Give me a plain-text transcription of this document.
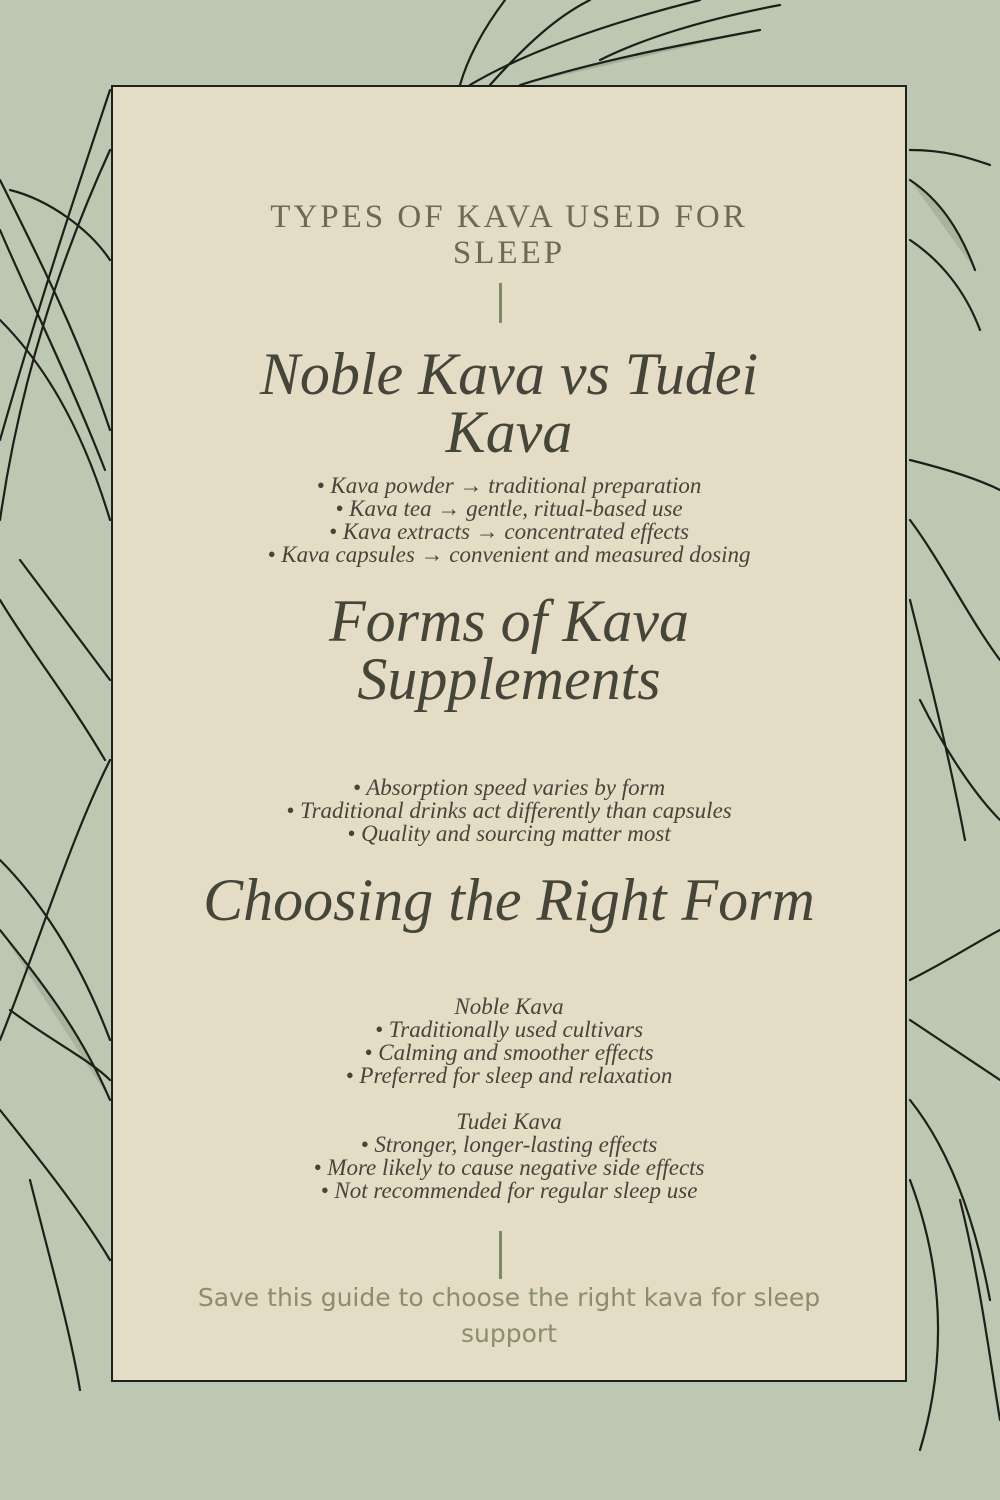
TYPES OF KAVA USED FOR SLEEP
Noble Kava vs Tudei Kava
• Kava powder → traditional preparation
• Kava tea → gentle, ritual-based use
• Kava extracts → concentrated effects
• Kava capsules → convenient and measured dosing
Forms of Kava Supplements
• Absorption speed varies by form
• Traditional drinks act differently than capsules
• Quality and sourcing matter most
Choosing the Right Form
Noble Kava
• Traditionally used cultivars
• Calming and smoother effects
• Preferred for sleep and relaxation
Tudei Kava
• Stronger, longer-lasting effects
• More likely to cause negative side effects
• Not recommended for regular sleep use
Save this guide to choose the right kava for sleep support
